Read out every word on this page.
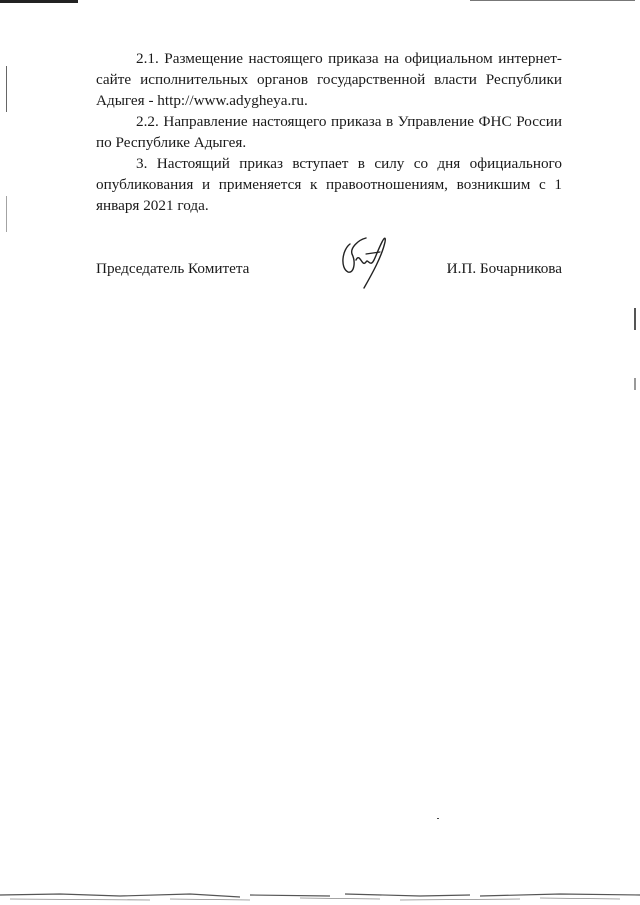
2.1. Размещение настоящего приказа на официальном интернет-сайте исполнительных органов государственной власти Республики Адыгея - http://www.adygheya.ru.

2.2. Направление настоящего приказа в Управление ФНС России по Республике Адыгея.

3. Настоящий приказ вступает в силу со дня официального опубликования и применяется к правоотношениям, возникшим с 1 января 2021 года.

Председатель Комитета	И.П. Бочарникова
